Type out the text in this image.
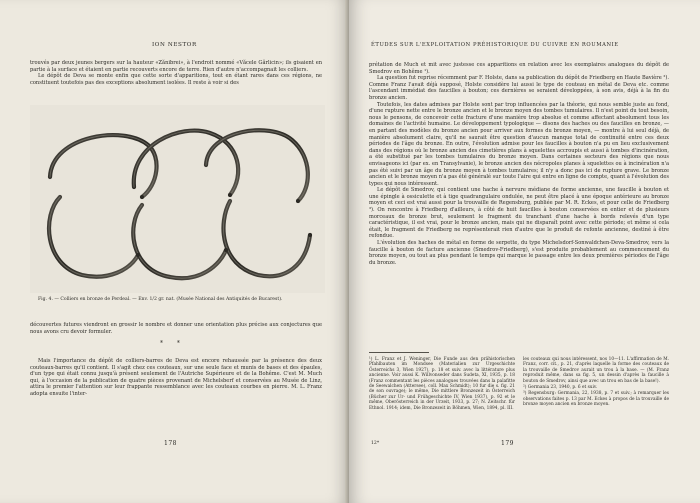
ION NESTOR

trouvés par deux jeunes bergers sur la hauteur «Zănibrei», à l'endroit nommé «Văcele Gărlicin»; ils gisaient en partie à la surface et étaient en partie recouverts encore de terre. Rien d'autre n'accompagnait les colliers.

Le dépôt de Deva se monte enfin que cette sorte d'apparitions, tout en étant rares dans ces régions, ne constituent toutefois pas des exceptions absolument isolées. Il reste à voir si des

Fig. 4. — Colliers en bronze de Perdeal. — Env. 1/2 gr. nat. (Musée National des Antiquités de Bucarest).

découvertes futures viendront en grossir le nombre et donner une orientation plus précise aux conjectures que nous avons cru devoir formuler.

* *

Mais l'importance du dépôt de colliers-barres de Deva est encore rehaussée par la présence des deux couteaux-barres qu'il contient. Il s'agit chez ces couteaux, sur une seule face et munis de bases et des épaules, d'un type qui était connu jusqu'à présent seulement de l'Autriche Supérieure et de la Bohême. C'est M. Much qui, à l'occasion de la publication de quatre pièces provenant de Michelsberf et conservées au Musée de Linz, attira le premier l'attention sur leur frappante ressemblance avec les couteaux courbes en pierre. M. L. Franz adopta ensuite l'inter-

178
ÉTUDES SUR L'EXPLOITATION PRÉHISTORIQUE DU CUIVRE EN ROUMANIE

prétation de Much et mit avec justesse ces apparitions en relation avec les exemplaires analogues du dépôt de Smedrov en Bohême ¹).

La question fut reprise récemment par F. Holste, dans sa publication du dépôt de Friedberg en Haute Bavière ²). Comme Franz l'avait déjà supposé, Holste considère lui aussi le type de couteau en métal de Deva etc. comme l'ascendant immédiat des faucilles à bouton; ces dernières se seraient développées, à son avis, déjà à la fin du bronze ancien.

Toutefois, les dates admises par Holste sont par trop influencées par la théorie, qui nous semble juste au fond, d'une rupture nette entre le bronze ancien et le bronze moyen des tombes tumulaires. Il n'est point du tout besoin, nous le pensons, de concevoir cette fracture d'une manière trop absolue et comme affectant absolument tous les domaines de l'activité humaine. Le développement typologique — disons des haches ou des faucilles en bronze, — en partant des modèles du bronze ancien pour arriver aux formes du bronze moyen, — montre à lui seul déjà, de manière absolument claire, qu'il ne saurait être question d'aucun manque total de continuité entre ces deux périodes de l'âge du bronze. En outre, l'évolution admise pour les faucilles à bouton n'a pu en lieu exclusivement dans des régions où le bronze ancien des cimetières plans à squelettes accroupis et aussi à tombes d'incinération, a été substitué par les tombes tumulaires du bronze moyen. Dans certaines secteurs des régions que nous envisageons ici (par ex. en Transylvanie), le bronze ancien des nécropoles planes à squelettes ou à incinération n'a pas été suivi par un âge du bronze moyen à tombes tumulaires; il n'y a donc pas ici de rupture grave. Le bronze ancien et le bronze moyen n'a pas été généralé sur toute l'aire qui entre en ligne de compte, quant à l'évolution des types qui nous intéressent.

Le dépôt de Smedrov, qui contient une hache à nervure médiane de forme ancienne, une faucille à bouton et une épingle à ossiculette et à tige quadrangulaire ondulée, ne peut être placé à une époque antérieure au bronze moyen et ceci est vrai aussi pour la trouvaille de Regensburg, publiée par M. R. Eckes, et pour celle de Friedberg ³). On rencontre à Friedberg d'ailleurs, à côté de huit faucilles à bouton conservées en entier et de plusieurs morceaux de bronze brut, seulement le fragment du tranchant d'une hache à bords relevés d'un type caractéristique, il est vrai, pour le bronze ancien, mais qui ne disparaît point avec cette période; et même si cela était, le fragment de Friedberg ne représenterait rien d'autre que le produit de refonte ancienne, destiné à être refondue.

L'évolution des haches de métal en forme de serpette, du type Michelsdorf-Sonwaldchen-Deva-Smedrov, vers la faucille à bouton de facture ancienne (Smedrov-Friedberg), s'est produite probablement au commencement du bronze moyen, ou tout au plus pendant le temps qui marque le passage entre les deux premières périodes de l'âge du bronze.

¹) L. Franz et J. Weninger, Die Funde aus den prähistorischen Pfahlbauten im Mondsee (Materialien zur Urgeschichte Österreichs 3, Wien 1927), p. 18 et suiv. avec la littérature plus ancienne. Voir aussi K. Willvonseder dans Sudeta, XI, 1935, p. 18 (Franz commentant les pièces analogues trouvées dans la palafitte de Seewalchen (Attersee), coll. Max Schmidt); 10 fur die s. fig. 21 de son ouvrage); le même, Die mittlere Bronzezeit in Österreich (Bücher zur Ur- und Frühgeschichte IV, Wien 1937), p. 92 et le même, Oberösterreich in der Urzeit, 1933, p. 27; N. Zeitschr. für Ethnol. 1914; idem, Die Bronzezeit in Böhmen, Wien, 1894, pl. III.

les couteaux qui nous intéressent, nos 10—11. L'affirmation de M. Franz, corr. cit., p. 21, d'après laquelle la forme des couteaux de la trouvaille de Smedrov aurait un trou à la base. — (M. Franz reproduit même, dans sa fig. 5, un dessin d'après la faucille à bouton de Smedrov, ainsi que avec un trou en bas de la base!).

²) Germania 23, 1940, p. 6 et suiv.

³) Regensburg: Germania, 22, 1938, p. 7 et suiv.; à remarquer les observations faites p. 13 par M. Eckes à propos de la trouvaille de bronze moyen ancien en bronze moyen.

12*	179
